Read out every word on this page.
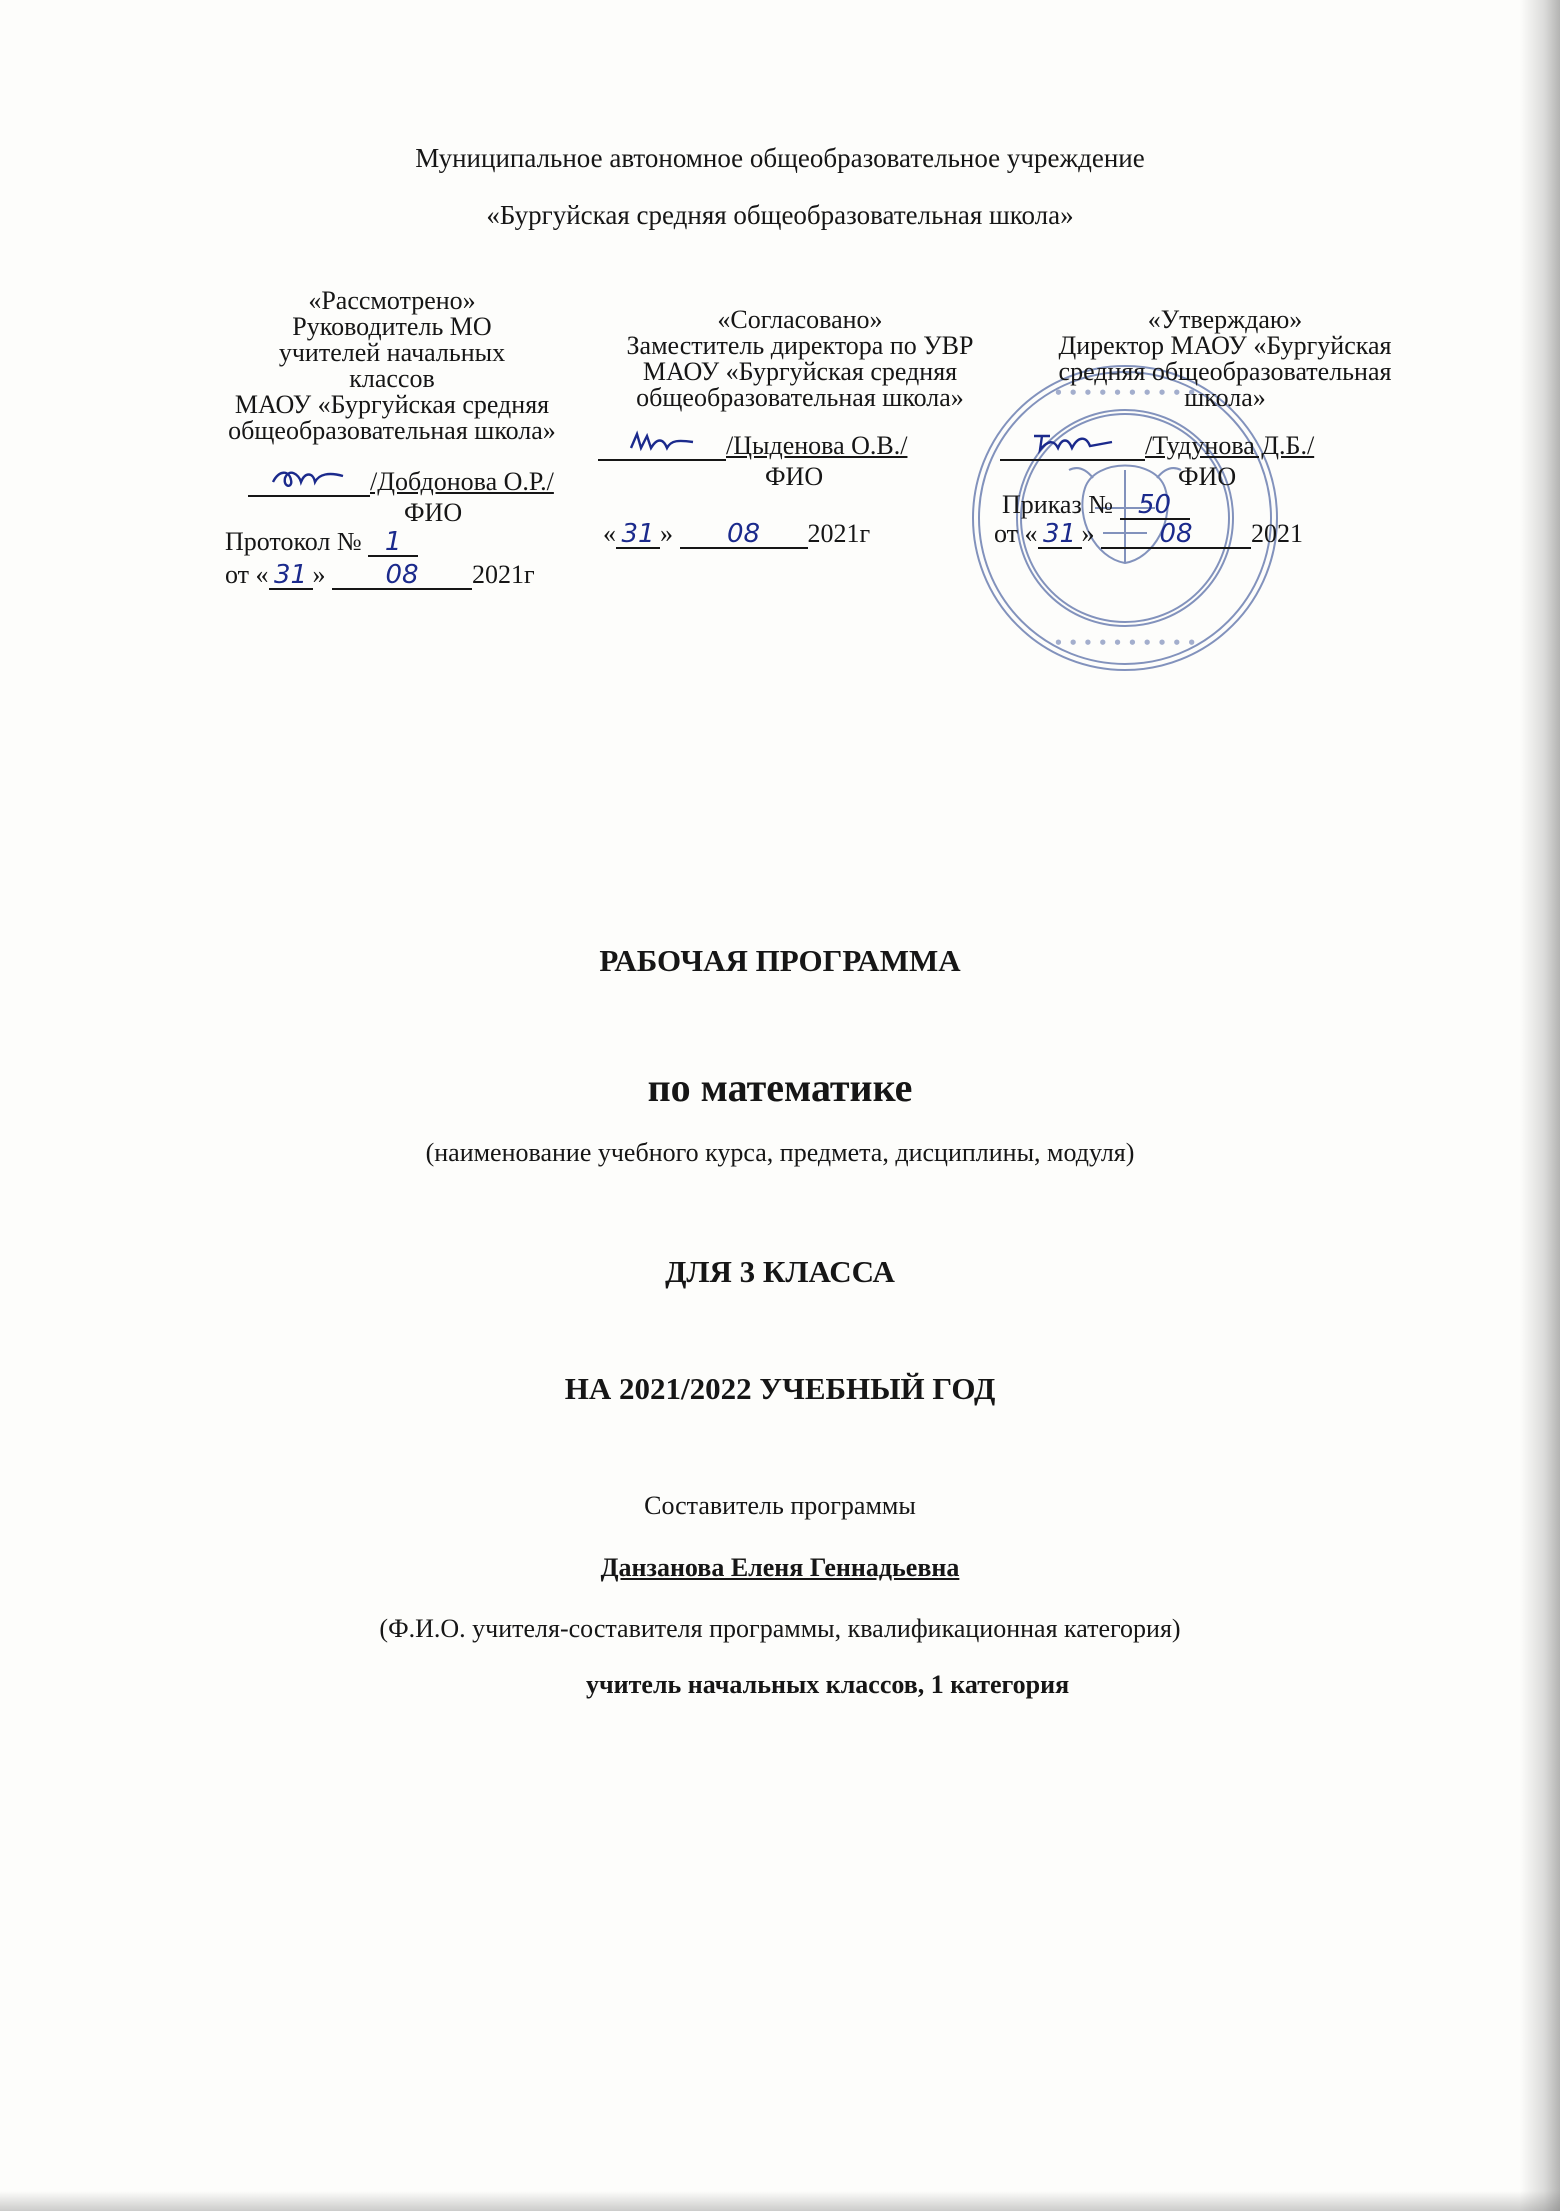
Муниципальное автономное общеобразовательное учреждение
«Бургуйская средняя общеобразовательная школа»
«Рассмотрено»
Руководитель МО
учителей начальных
классов
МАОУ «Бургуйская средняя
общеобразовательная школа»
/Добдонова О.Р./
ФИО
Протокол № 1
от « 31 » 08 2021г
«Согласовано»
Заместитель директора по УВР
МАОУ «Бургуйская средняя
общеобразовательная школа»
/Цыденова О.В./
ФИО
« 31 » 08 2021г
• • • • • • • • • •
• • • • • • • • • •
«Утверждаю»
Директор МАОУ «Бургуйская
средняя общеобразовательная
школа»
/Тудунова Д.Б./
ФИО
Приказ № 50
от « 31 » 08 2021
РАБОЧАЯ ПРОГРАММА
по математике
(наименование учебного курса, предмета, дисциплины, модуля)
ДЛЯ 3 КЛАССА
НА 2021/2022 УЧЕБНЫЙ ГОД
Составитель программы
Данзанова Еленя Геннадьевна
(Ф.И.О. учителя-составителя программы, квалификационная категория)
учитель начальных классов, 1 категория
